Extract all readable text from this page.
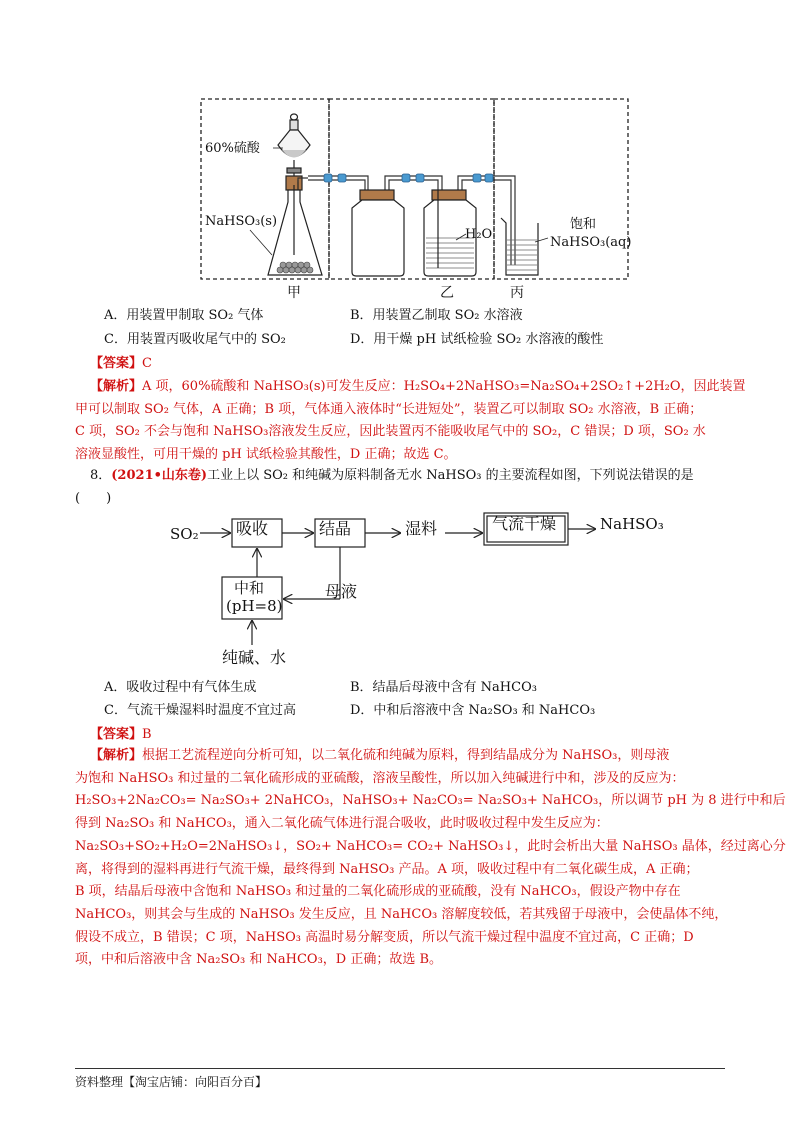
60%硫酸
NaHSO₃(s)
H₂O
饱和
NaHSO₃(aq)
甲	乙	丙
A．用装置甲制取 SO₂ 气体	B．用装置乙制取 SO₂ 水溶液
C．用装置丙吸收尾气中的 SO₂	D．用干燥 pH 试纸检验 SO₂ 水溶液的酸性
【答案】C

【解析】A 项，60%硫酸和 NaHSO₃(s)可发生反应：H₂SO₄+2NaHSO₃=Na₂SO₄+2SO₂↑+2H₂O，因此装置

甲可以制取 SO₂ 气体，A 正确；B 项，气体通入液体时“长进短处”，装置乙可以制取 SO₂ 水溶液，B 正确；

C 项，SO₂ 不会与饱和 NaHSO₃溶液发生反应，因此装置丙不能吸收尾气中的 SO₂，C 错误；D 项，SO₂ 水

溶液显酸性，可用干燥的 pH 试纸检验其酸性，D 正确；故选 C。

8．(2021•山东卷)工业上以 SO₂ 和纯碱为原料制备无水 NaHSO₃ 的主要流程如图，下列说法错误的是
(　　)
SO₂ 吸收	结晶	湿料	气流干燥	NaHSO₃
中和
(pH=8)
母液
纯碱、水
A．吸收过程中有气体生成	B．结晶后母液中含有 NaHCO₃
C．气流干燥湿料时温度不宜过高	D．中和后溶液中含 Na₂SO₃ 和 NaHCO₃
【答案】B

【解析】根据工艺流程逆向分析可知，以二氧化硫和纯碱为原料，得到结晶成分为 NaHSO₃，则母液

为饱和 NaHSO₃ 和过量的二氧化硫形成的亚硫酸，溶液呈酸性，所以加入纯碱进行中和，涉及的反应为：

H₂SO₃+2Na₂CO₃= Na₂SO₃+ 2NaHCO₃，NaHSO₃+ Na₂CO₃= Na₂SO₃+ NaHCO₃，所以调节 pH 为 8 进行中和后

得到 Na₂SO₃ 和 NaHCO₃，通入二氧化硫气体进行混合吸收，此时吸收过程中发生反应为：

Na₂SO₃+SO₂+H₂O=2NaHSO₃↓，SO₂+ NaHCO₃= CO₂+ NaHSO₃↓，此时会析出大量 NaHSO₃ 晶体，经过离心分

离，将得到的湿料再进行气流干燥，最终得到 NaHSO₃ 产品。A 项，吸收过程中有二氧化碳生成，A 正确；

B 项，结晶后母液中含饱和 NaHSO₃ 和过量的二氧化硫形成的亚硫酸，没有 NaHCO₃，假设产物中存在

NaHCO₃，则其会与生成的 NaHSO₃ 发生反应，且 NaHCO₃ 溶解度较低，若其残留于母液中，会使晶体不纯，

假设不成立，B 错误；C 项，NaHSO₃ 高温时易分解变质，所以气流干燥过程中温度不宜过高，C 正确；D

项，中和后溶液中含 Na₂SO₃ 和 NaHCO₃，D 正确；故选 B。

资料整理【淘宝店铺：向阳百分百】
